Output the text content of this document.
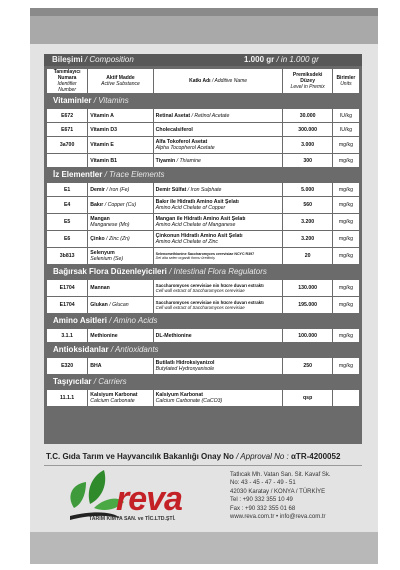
Bileşimi / Composition	1.000 gr / in 1.000 gr
Tanımlayıcı Numara
Identifier Number	Aktif Madde
Active Substance	Katkı Adı / Additive Name	Premiksdeki Düzey
Level in Premix	Birimler
Units
Vitaminler / Vitamins				
E672	Vitamin A	Retinal Asetat / Retinol Acetate	30.000	IU/kg
E671	Vitamin D3	Cholecalsiferol	300.000	IU/kg
3a700	Vitamin E	Alfa Tokoferol Asetat
Alpha Tocopherol Acetate	3.000	mg/kg
	Vitamin B1	Tiyamin / Thiamine	300	mg/kg
İz Elementler / Trace Elements				
E1	Demir / Iron (Fe)	Demir Sülfat / Iron Sulphate	5.000	mg/kg
E4	Bakır / Copper (Cu)	Bakır ile Hidratlı Amino Asit Şelatı
Amino Acid Chelate of Copper	560	mg/kg
E5	Mangan
Manganese (Mn)	Mangan ile Hidratlı Amino Asit Şelatı
Amino Acid Chelate of Manganese	3.200	mg/kg
E6	Çinko / Zinc (Zn)	Çinkonun Hidratlı Amino Asit Şelatı
Amino Acid Chelate of Zinc	3.200	mg/kg
3b813	Selenyum
Selenium (Se)	Selenomethionine Saccharomyces cerevisiae NCYC R397
Del alta selen organik formu üretilmiş	20	mg/kg
Bağırsak Flora Düzenleyicileri / Intestinal Flora Regulators				
E1704	Mannan	Saccharomyces cerevisiae nin hücre duvarı extraktı
Cell wall extract of Saccharomyces cerevisiae	130.000	mg/kg
E1704	Glukan / Glucan	Saccharomyces cerevisiae nin hücre duvarı extraktı
Cell wall extract of Saccharomyces cerevisiae	195.000	mg/kg
Amino Asitleri / Amino Acids				
3.1.1	Methionine	DL-Methionine	100.000	mg/kg
Antioksidanlar / Antioxidants				
E320	BHA	Butilatlı Hidroksiyanizol
Butylated Hydroxyanisole	250	mg/kg
Taşıyıcılar / Carriers				
11.1.1	Kalsiyum Karbonat
Calcium Carbonate	Kalsiyum Karbonat
Calcium Carbonate (CaCO3)	qsp	
T.C. Gıda Tarım ve Hayvancılık Bakanlığı Onay No / Approval No : αTR-4200052
reva
TARIM KİMYA SAN. ve TİC.LTD.ŞTİ.
Tatlıcak Mh. Vatan San. Sit. Kavaf Sk.
No: 43 - 45 - 47 - 49 - 51
42030 Karatay / KONYA / TÜRKİYE
Tel : +90 332 355 10 49
Fax : +90 332 355 01 68
www.reva.com.tr • info@reva.com.tr
